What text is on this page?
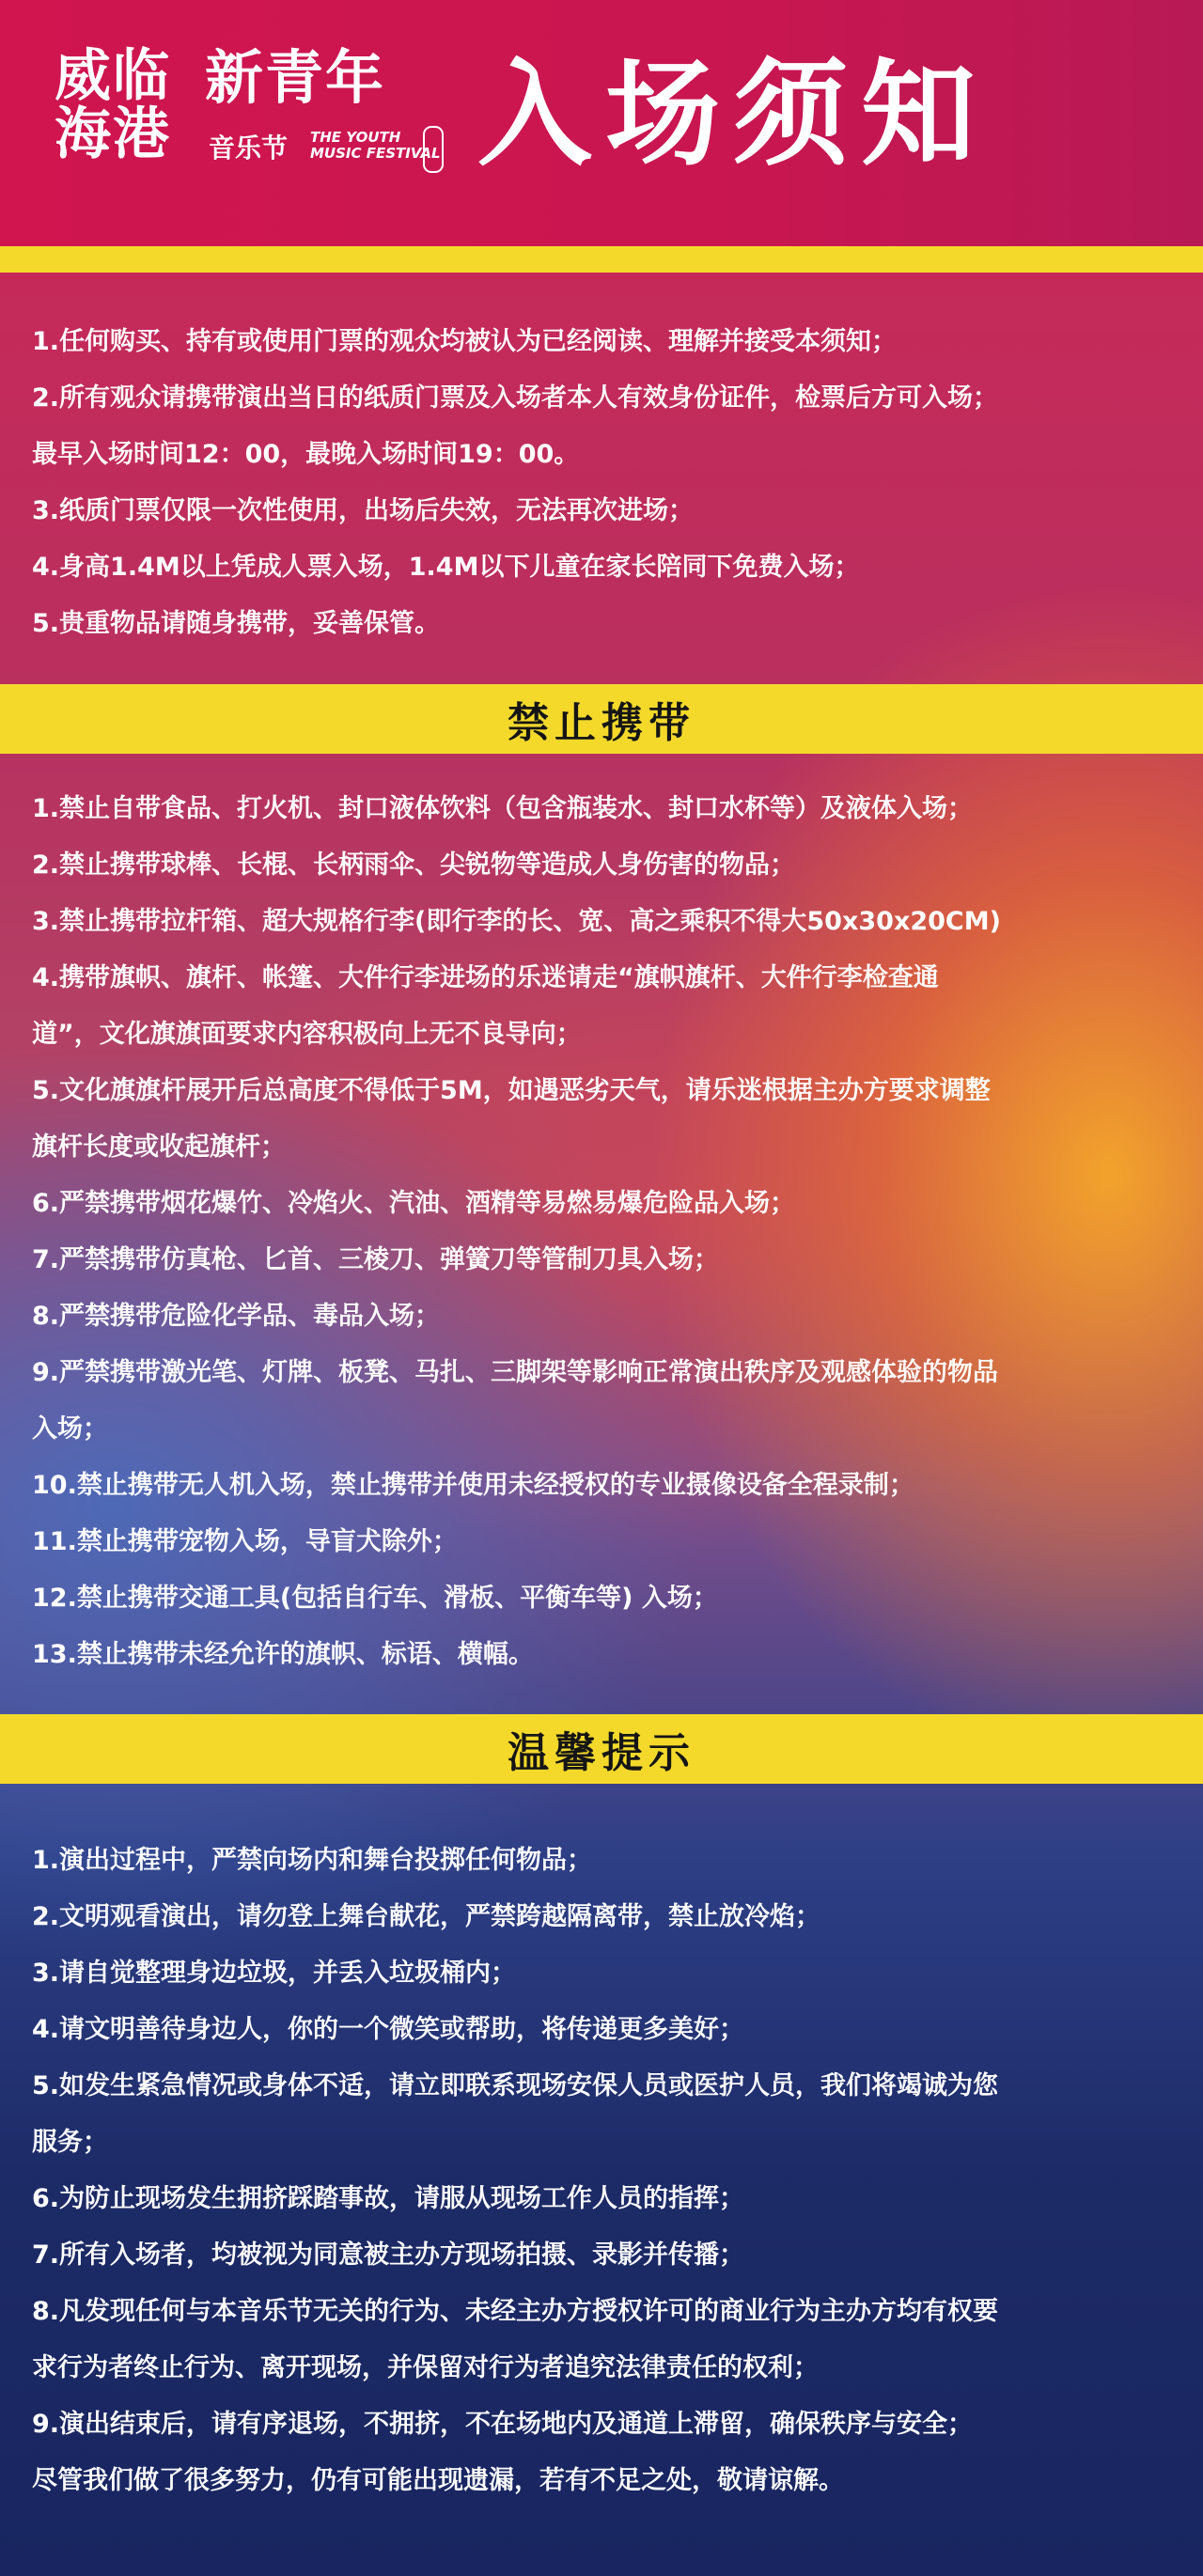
威临
海港
新青年
音乐节 THE YOUTH
MUSIC FESTIVAL 入场须知
1.任何购买、持有或使用门票的观众均被认为已经阅读、理解并接受本须知；
2.所有观众请携带演出当日的纸质门票及入场者本人有效身份证件，检票后方可入场；
最早入场时间12：00，最晚入场时间19：00。
3.纸质门票仅限一次性使用，出场后失效，无法再次进场；
4.身高1.4M以上凭成人票入场，1.4M以下儿童在家长陪同下免费入场；
5.贵重物品请随身携带，妥善保管。
禁止携带
1.禁止自带食品、打火机、封口液体饮料（包含瓶装水、封口水杯等）及液体入场；
2.禁止携带球棒、长棍、长柄雨伞、尖锐物等造成人身伤害的物品；
3.禁止携带拉杆箱、超大规格行李(即行李的长、宽、高之乘积不得大50x30x20CM)
4.携带旗帜、旗杆、帐篷、大件行李进场的乐迷请走“旗帜旗杆、大件行李检查通
道”，文化旗旗面要求内容积极向上无不良导向；
5.文化旗旗杆展开后总高度不得低于5M，如遇恶劣天气，请乐迷根据主办方要求调整
旗杆长度或收起旗杆；
6.严禁携带烟花爆竹、冷焰火、汽油、酒精等易燃易爆危险品入场；
7.严禁携带仿真枪、匕首、三棱刀、弹簧刀等管制刀具入场；
8.严禁携带危险化学品、毒品入场；
9.严禁携带激光笔、灯牌、板凳、马扎、三脚架等影响正常演出秩序及观感体验的物品
入场；
10.禁止携带无人机入场，禁止携带并使用未经授权的专业摄像设备全程录制；
11.禁止携带宠物入场，导盲犬除外；
12.禁止携带交通工具(包括自行车、滑板、平衡车等) 入场；
13.禁止携带未经允许的旗帜、标语、横幅。
温馨提示
1.演出过程中，严禁向场内和舞台投掷任何物品；
2.文明观看演出，请勿登上舞台献花，严禁跨越隔离带，禁止放冷焰；
3.请自觉整理身边垃圾，并丢入垃圾桶内；
4.请文明善待身边人，你的一个微笑或帮助，将传递更多美好；
5.如发生紧急情况或身体不适，请立即联系现场安保人员或医护人员，我们将竭诚为您
服务；
6.为防止现场发生拥挤踩踏事故，请服从现场工作人员的指挥；
7.所有入场者，均被视为同意被主办方现场拍摄、录影并传播；
8.凡发现任何与本音乐节无关的行为、未经主办方授权许可的商业行为主办方均有权要
求行为者终止行为、离开现场，并保留对行为者追究法律责任的权利；
9.演出结束后，请有序退场，不拥挤，不在场地内及通道上滞留，确保秩序与安全；
尽管我们做了很多努力，仍有可能出现遗漏，若有不足之处，敬请谅解。
